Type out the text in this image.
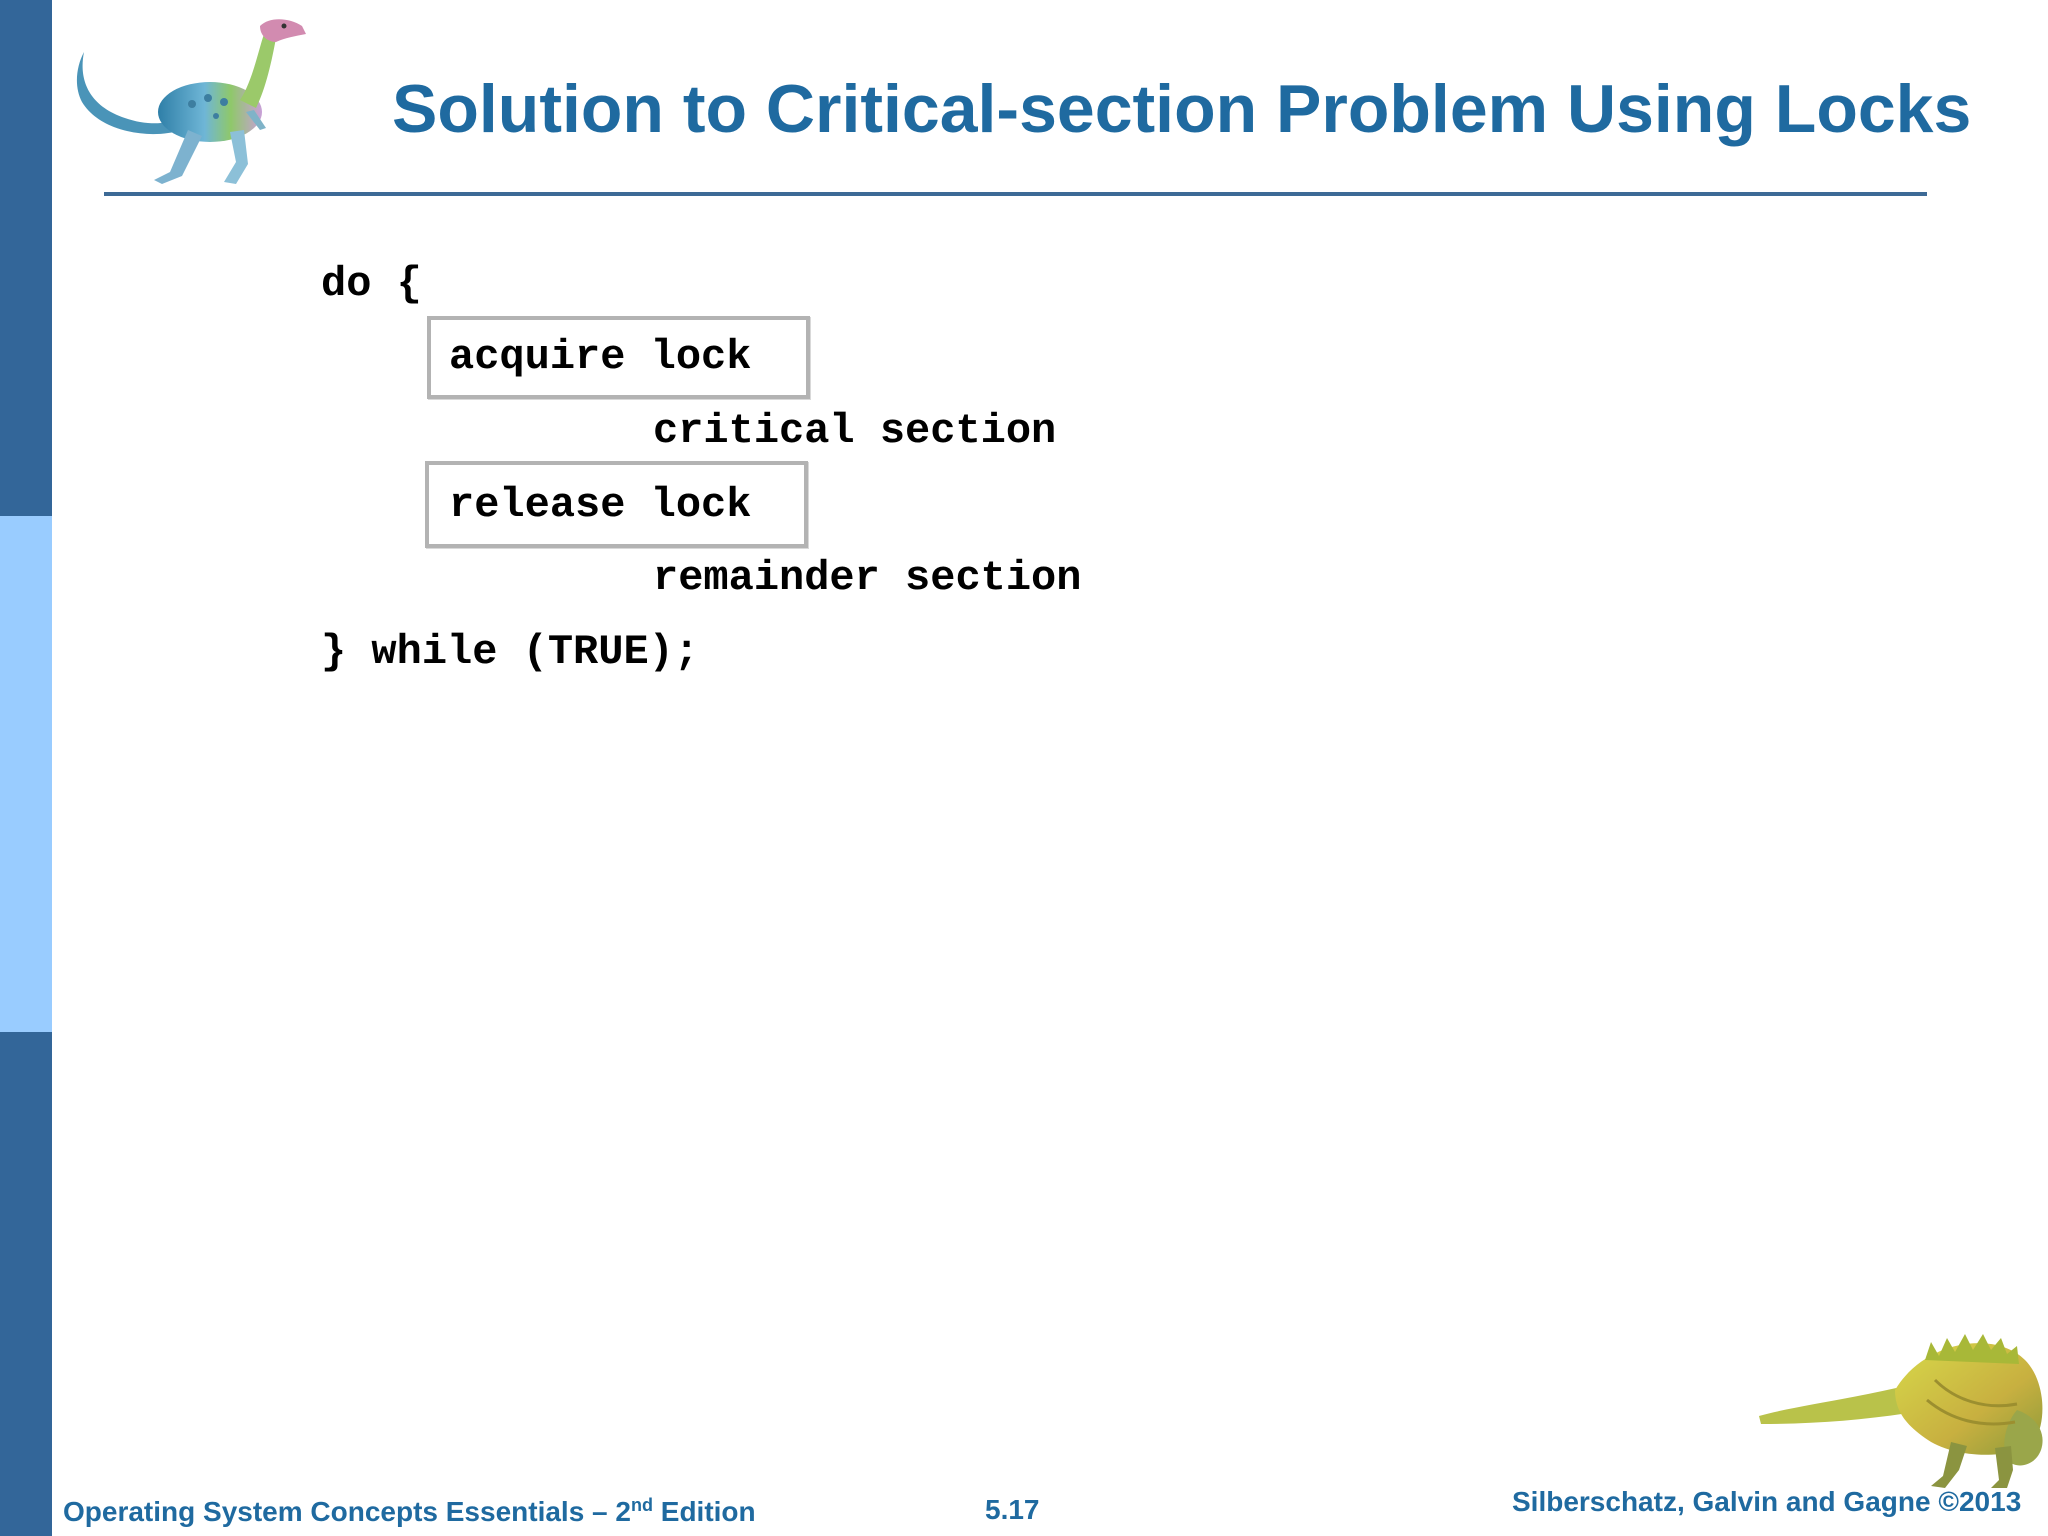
Solution to Critical-section Problem Using Locks
do {
acquire lock
critical section
release lock
remainder section
} while (TRUE);
Operating System Concepts Essentials – 2nd Edition	5.17	Silberschatz, Galvin and Gagne ©2013
